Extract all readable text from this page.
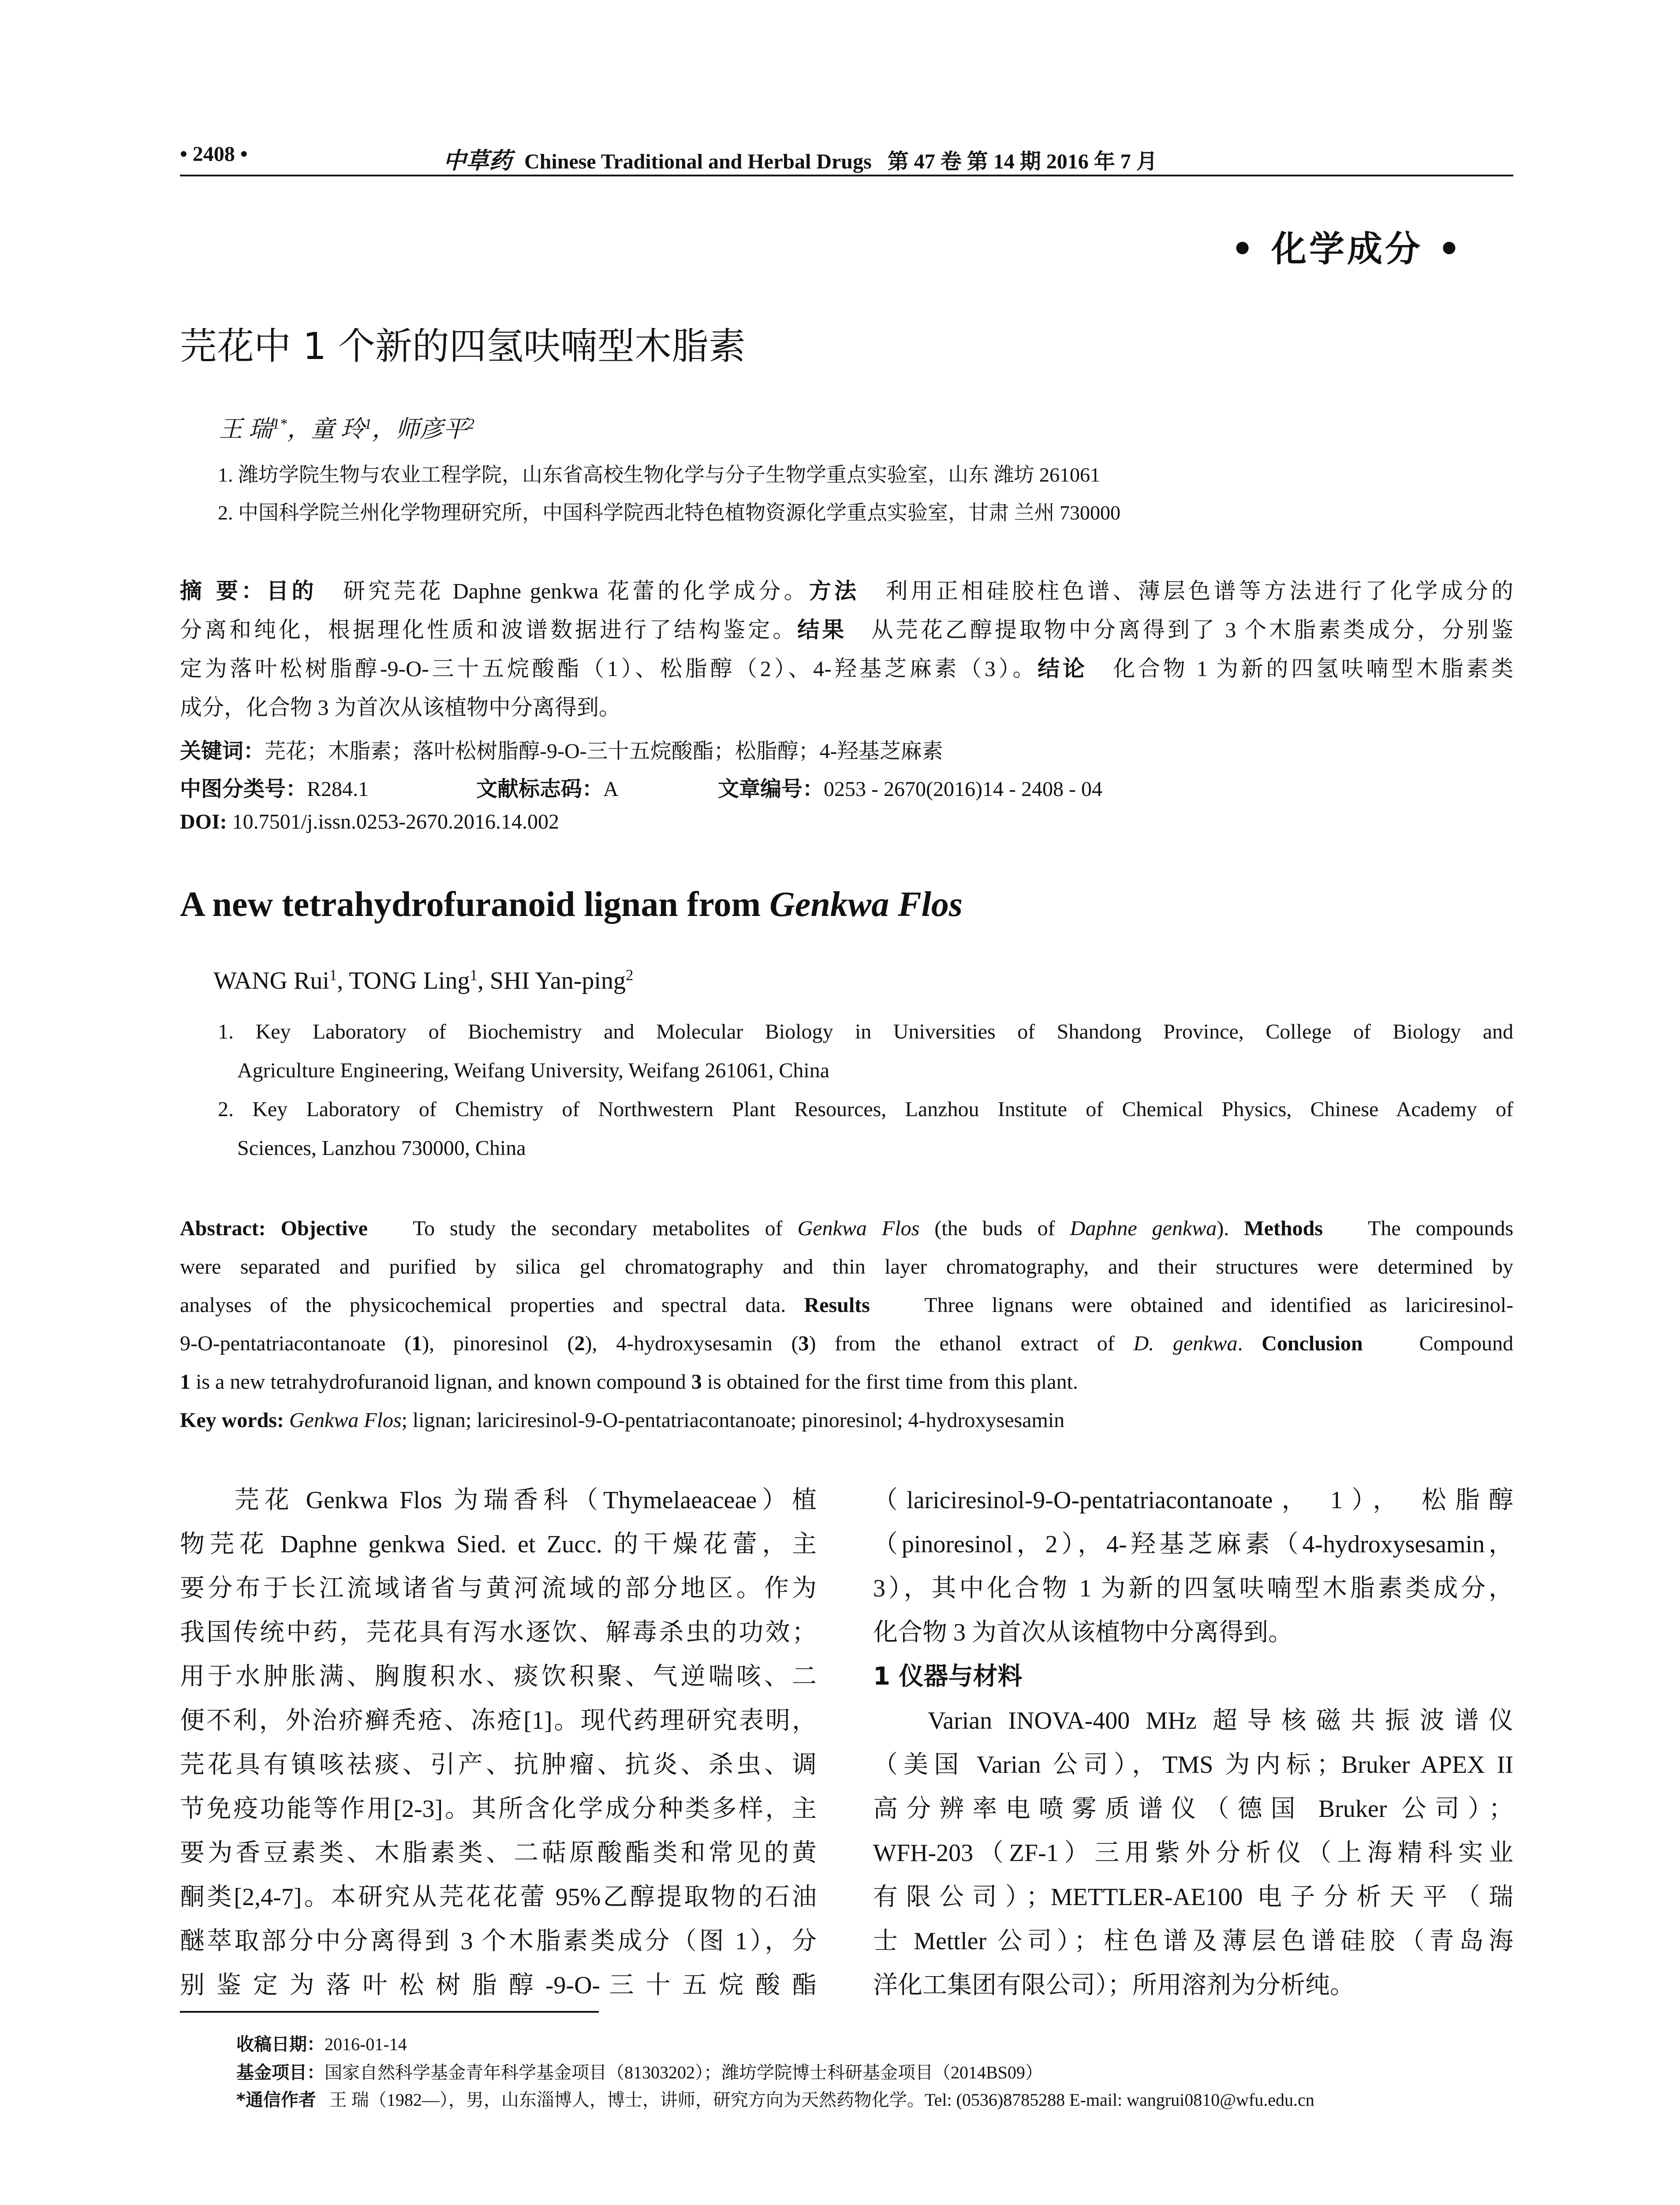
• 2408 •	中草药 Chinese Traditional and Herbal Drugs 第 47 卷 第 14 期 2016 年 7 月
• 化学成分 •
芫花中 1 个新的四氢呋喃型木脂素
王 瑞$^{1*}$，童 玲$^1$，师彦平$^2$
1. 潍坊学院生物与农业工程学院，山东省高校生物化学与分子生物学重点实验室，山东 潍坊 261061
2. 中国科学院兰州化学物理研究所，中国科学院西北特色植物资源化学重点实验室，甘肃 兰州 730000
摘 要：目的 研究芫花 Daphne genkwa 花蕾的化学成分。方法 利用正相硅胶柱色谱、薄层色谱等方法进行了化学成分的
分离和纯化，根据理化性质和波谱数据进行了结构鉴定。结果 从芫花乙醇提取物中分离得到了 3 个木脂素类成分，分别鉴
定为落叶松树脂醇-9-O-三十五烷酸酯（1）、松脂醇（2）、4-羟基芝麻素（3）。结论 化合物 1 为新的四氢呋喃型木脂素类
成分，化合物 3 为首次从该植物中分离得到。
关键词：芫花；木脂素；落叶松树脂醇-9-O-三十五烷酸酯；松脂醇；4-羟基芝麻素
中图分类号：R284.1	文献标志码：A	文章编号：0253 - 2670(2016)14 - 2408 - 04
DOI: 10.7501/j.issn.0253-2670.2016.14.002
A new tetrahydrofuranoid lignan from Genkwa Flos
WANG Rui$^1$, TONG Ling$^1$, SHI Yan-ping$^2$
1. Key Laboratory of Biochemistry and Molecular Biology in Universities of Shandong Province, College of Biology and
Agriculture Engineering, Weifang University, Weifang 261061, China
2. Key Laboratory of Chemistry of Northwestern Plant Resources, Lanzhou Institute of Chemical Physics, Chinese Academy of
Sciences, Lanzhou 730000, China
Abstract: Objective To study the secondary metabolites of Genkwa Flos (the buds of Daphne genkwa). Methods The compounds
were separated and purified by silica gel chromatography and thin layer chromatography, and their structures were determined by
analyses of the physicochemical properties and spectral data. Results	Three lignans were obtained and identified as lariciresinol-
9-O-pentatriacontanoate (1), pinoresinol (2), 4-hydroxysesamin (3) from the ethanol extract of D. genkwa. Conclusion	Compound
1 is a new tetrahydrofuranoid lignan, and known compound 3 is obtained for the first time from this plant.
Key words: Genkwa Flos; lignan; lariciresinol-9-O-pentatriacontanoate; pinoresinol; 4-hydroxysesamin
芫花 Genkwa Flos 为瑞香科（Thymelaeaceae）植
物芫花 Daphne genkwa Sied. et Zucc. 的干燥花蕾，主
要分布于长江流域诸省与黄河流域的部分地区。作为
我国传统中药，芫花具有泻水逐饮、解毒杀虫的功效；
用于水肿胀满、胸腹积水、痰饮积聚、气逆喘咳、二
便不利，外治疥癣秃疮、冻疮[1]。现代药理研究表明，
芫花具有镇咳祛痰、引产、抗肿瘤、抗炎、杀虫、调
节免疫功能等作用[2-3]。其所含化学成分种类多样，主
要为香豆素类、木脂素类、二萜原酸酯类和常见的黄
酮类[2,4-7]。本研究从芫花花蕾 95%乙醇提取物的石油
醚萃取部分中分离得到 3 个木脂素类成分（图 1），分
别 鉴 定 为 落 叶 松 树 脂 醇 -9-O- 三 十 五 烷 酸 酯
（lariciresinol-9-O-pentatriacontanoate， 1）， 松脂醇
（pinoresinol，2），4-羟基芝麻素（4-hydroxysesamin，
3），其中化合物 1 为新的四氢呋喃型木脂素类成分，
化合物 3 为首次从该植物中分离得到。
1 仪器与材料
Varian INOVA-400 MHz 超导核磁共振波谱仪
（美国 Varian 公司），TMS 为内标；Bruker APEX II
高分辨率电喷雾质谱仪（德国 Bruker 公司）；
WFH-203（ZF-1）三用紫外分析仪（上海精科实业
有限公司）；METTLER-AE100 电子分析天平（瑞
士 Mettler 公司）；柱色谱及薄层色谱硅胶（青岛海
洋化工集团有限公司）；所用溶剂为分析纯。
收稿日期：2016-01-14
基金项目：国家自然科学基金青年科学基金项目（81303202）；潍坊学院博士科研基金项目（2014BS09）
*通信作者 王 瑞（1982—），男，山东淄博人，博士，讲师，研究方向为天然药物化学。Tel: (0536)8785288 E-mail: wangrui0810@wfu.edu.cn
